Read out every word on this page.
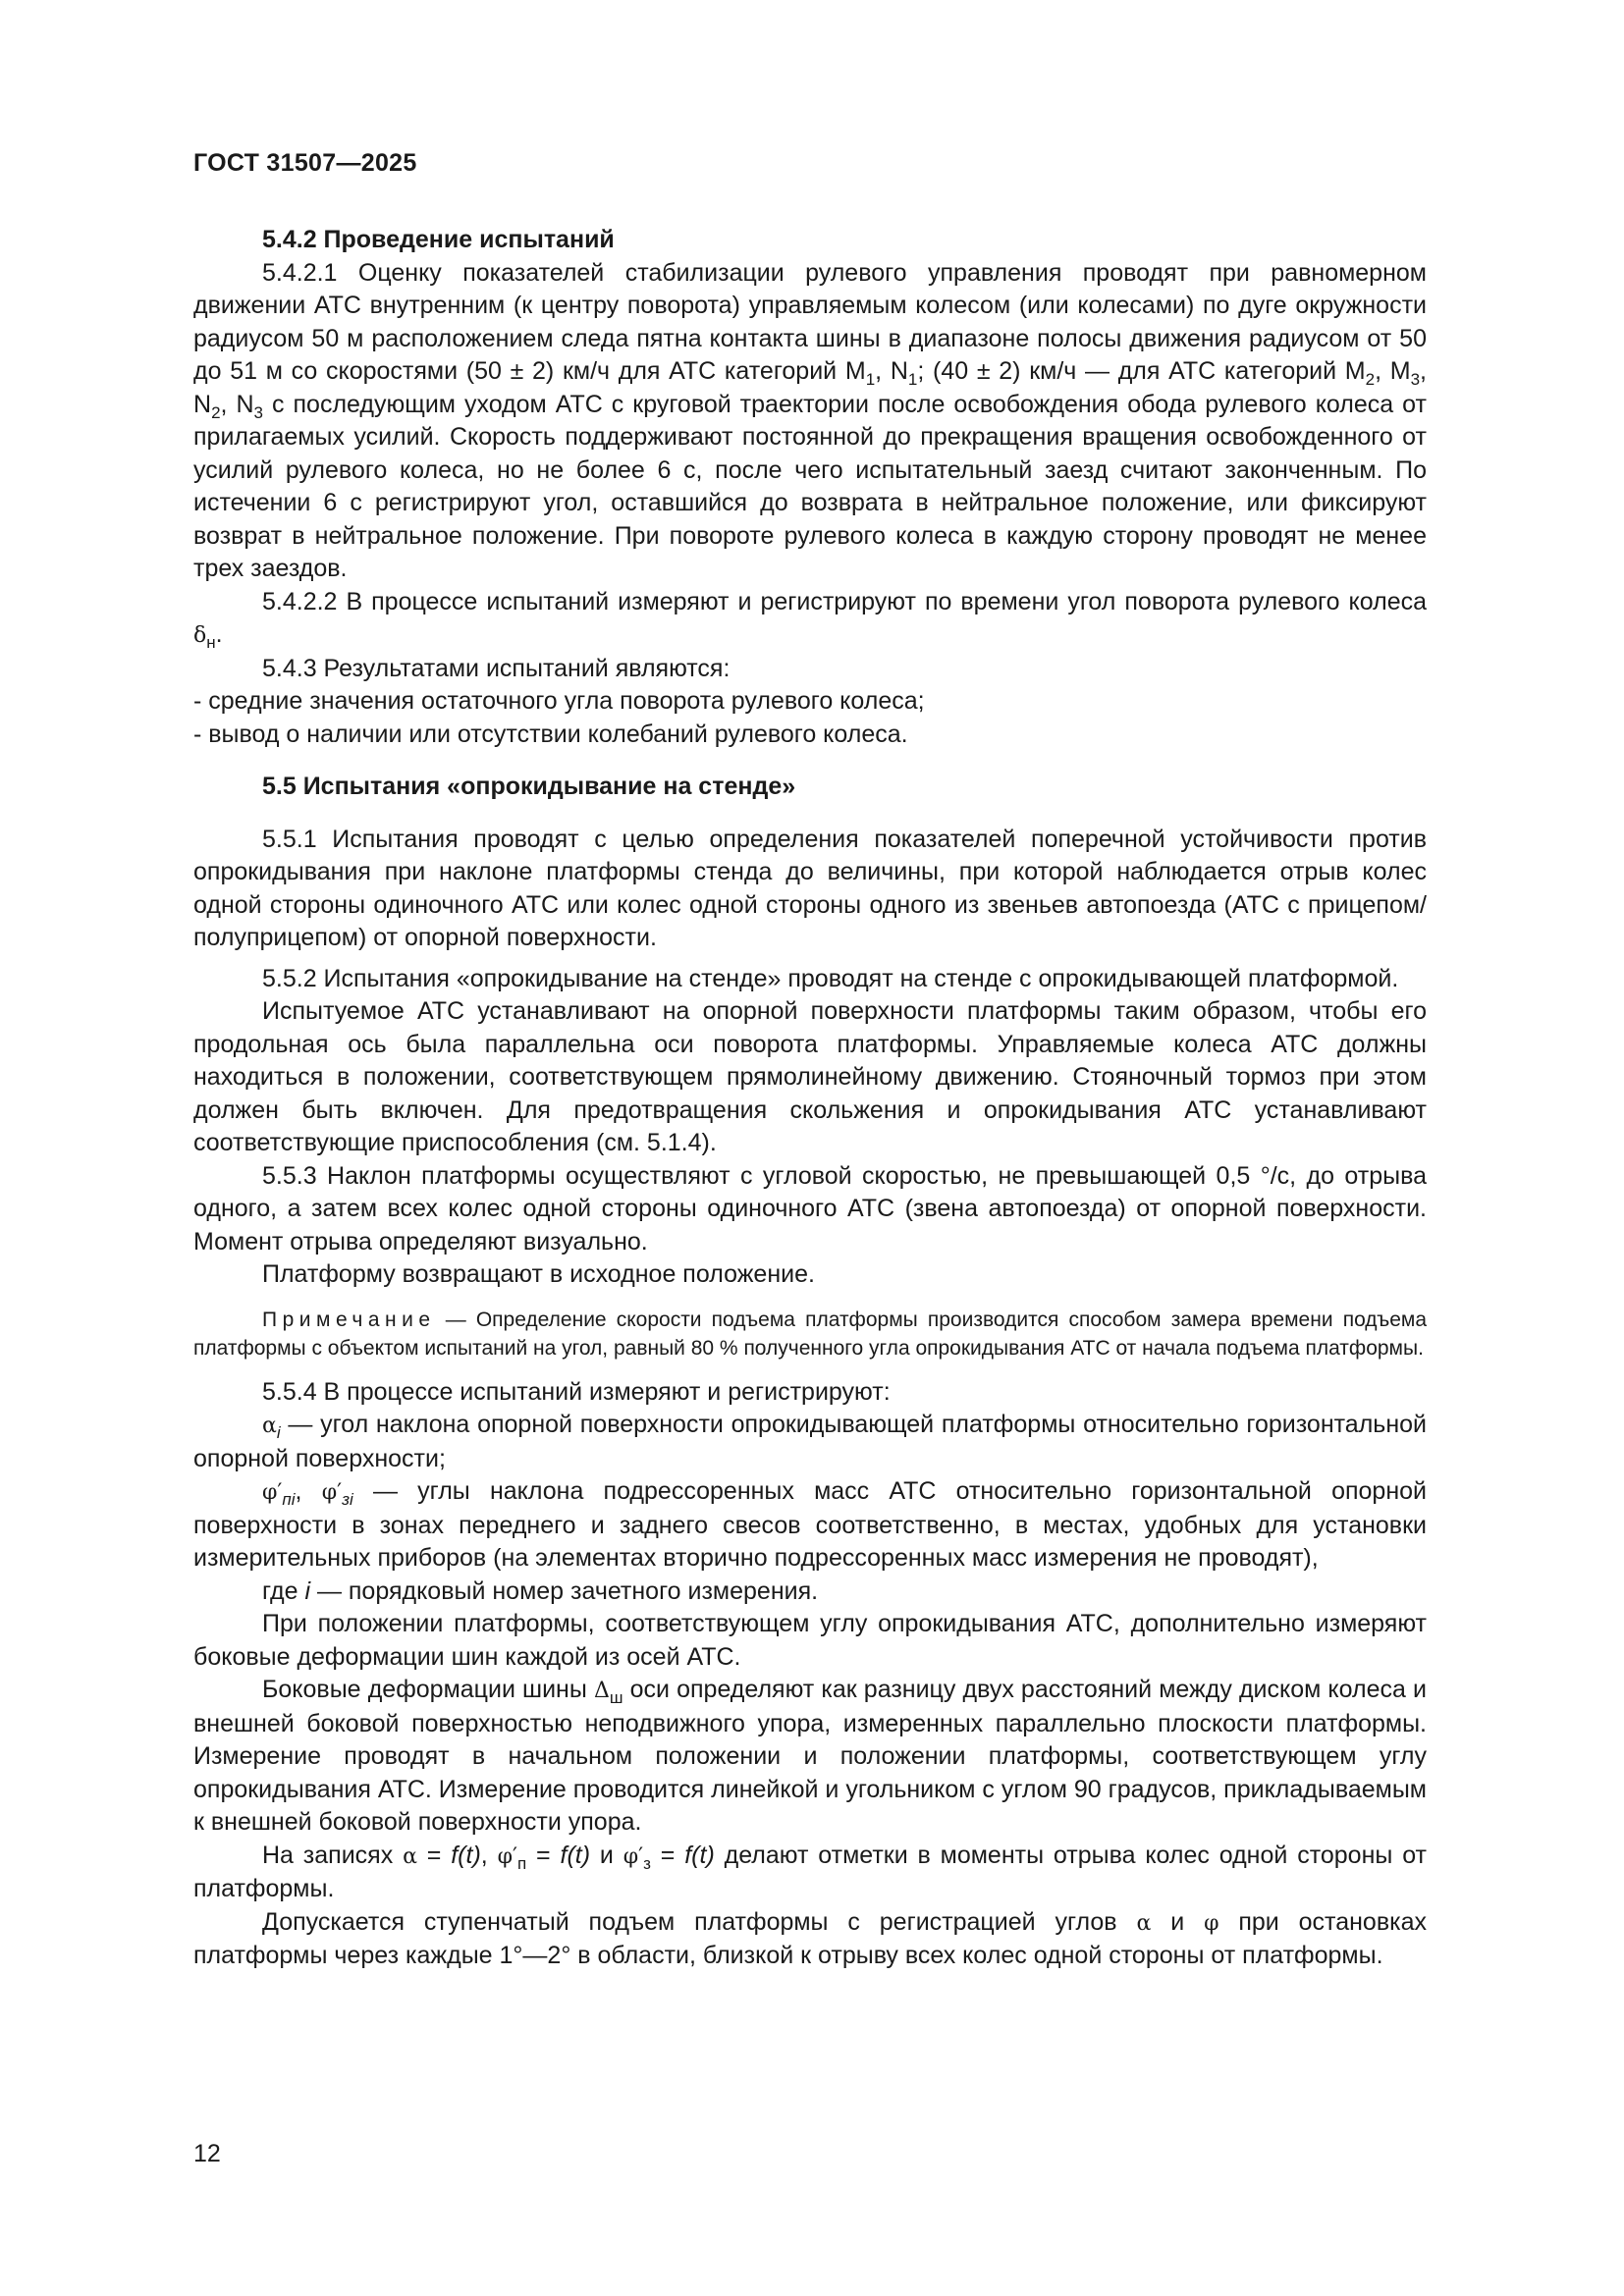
ГОСТ 31507—2025

5.4.2 Проведение испытаний

5.4.2.1 Оценку показателей стабилизации рулевого управления проводят при равномерном движении АТС внутренним (к центру поворота) управляемым колесом (или колесами) по дуге окружности радиусом 50 м расположением следа пятна контакта шины в диапазоне полосы движения радиусом от 50 до 51 м со скоростями (50 ± 2) км/ч для АТС категорий $M_1$, $N_1$; (40 ± 2) км/ч — для АТС категорий $M_2$, $M_3$, $N_2$, $N_3$ с последующим уходом АТС с круговой траектории после освобождения обода рулевого колеса от прилагаемых усилий. Скорость поддерживают постоянной до прекращения вращения освобожденного от усилий рулевого колеса, но не более 6 с, после чего испытательный заезд считают законченным. По истечении 6 с регистрируют угол, оставшийся до возврата в нейтральное положение, или фиксируют возврат в нейтральное положение. При повороте рулевого колеса в каждую сторону проводят не менее трех заездов.

5.4.2.2 В процессе испытаний измеряют и регистрируют по времени угол поворота рулевого колеса $\delta_н$.

5.4.3 Результатами испытаний являются:

- средние значения остаточного угла поворота рулевого колеса;

- вывод о наличии или отсутствии колебаний рулевого колеса.

5.5 Испытания «опрокидывание на стенде»

5.5.1 Испытания проводят с целью определения показателей поперечной устойчивости против опрокидывания при наклоне платформы стенда до величины, при которой наблюдается отрыв колес одной стороны одиночного АТС или колес одной стороны одного из звеньев автопоезда (АТС с прицепом/полуприцепом) от опорной поверхности.

5.5.2 Испытания «опрокидывание на стенде» проводят на стенде с опрокидывающей платформой.

Испытуемое АТС устанавливают на опорной поверхности платформы таким образом, чтобы его продольная ось была параллельна оси поворота платформы. Управляемые колеса АТС должны находиться в положении, соответствующем прямолинейному движению. Стояночный тормоз при этом должен быть включен. Для предотвращения скольжения и опрокидывания АТС устанавливают соответствующие приспособления (см. 5.1.4).

5.5.3 Наклон платформы осуществляют с угловой скоростью, не превышающей 0,5 °/с, до отрыва одного, а затем всех колес одной стороны одиночного АТС (звена автопоезда) от опорной поверхности. Момент отрыва определяют визуально.

Платформу возвращают в исходное положение.

Примечание — Определение скорости подъема платформы производится способом замера времени подъема платформы с объектом испытаний на угол, равный 80 % полученного угла опрокидывания АТС от начала подъема платформы.

5.5.4 В процессе испытаний измеряют и регистрируют:

$\alpha_i$ — угол наклона опорной поверхности опрокидывающей платформы относительно горизонтальной опорной поверхности;

$\varphi'_{пi}$, $\varphi'_{зi}$ — углы наклона подрессоренных масс АТС относительно горизонтальной опорной поверхности в зонах переднего и заднего свесов соответственно, в местах, удобных для установки измерительных приборов (на элементах вторично подрессоренных масс измерения не проводят),

где i — порядковый номер зачетного измерения.

При положении платформы, соответствующем углу опрокидывания АТС, дополнительно измеряют боковые деформации шин каждой из осей АТС.

Боковые деформации шины $\Delta_ш$ оси определяют как разницу двух расстояний между диском колеса и внешней боковой поверхностью неподвижного упора, измеренных параллельно плоскости платформы. Измерение проводят в начальном положении и положении платформы, соответствующем углу опрокидывания АТС. Измерение проводится линейкой и угольником с углом 90 градусов, прикладываемым к внешней боковой поверхности упора.

На записях α = f(t), $\varphi'_п = f(t)$ и $\varphi'_з = f(t)$ делают отметки в моменты отрыва колес одной стороны от платформы.

Допускается ступенчатый подъем платформы с регистрацией углов α и φ при остановках платформы через каждые 1°—2° в области, близкой к отрыву всех колес одной стороны от платформы.

12
